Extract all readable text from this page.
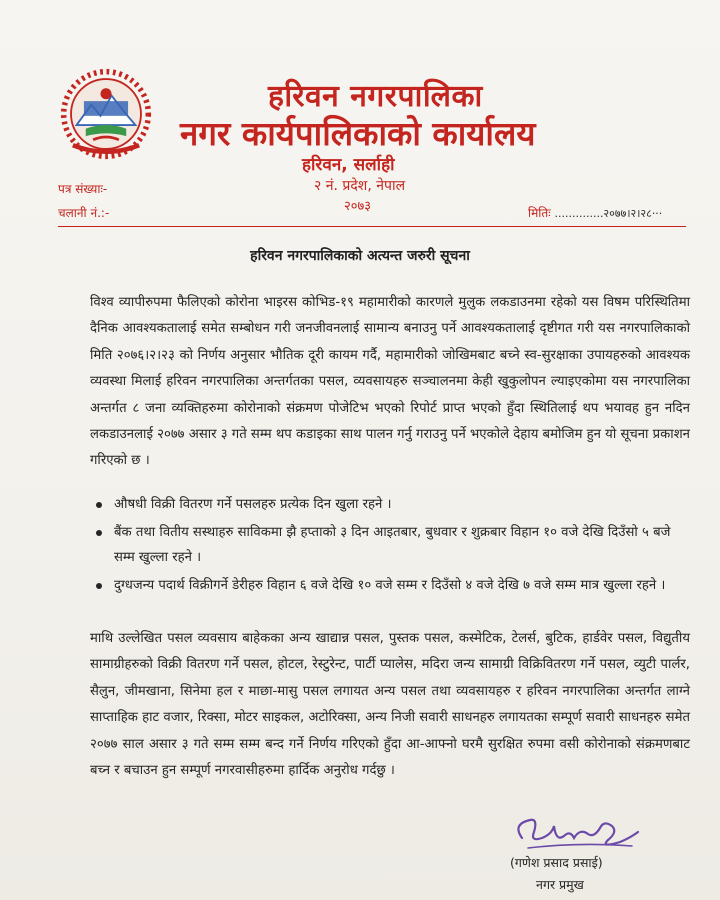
हरिवन नगरपालिका
नगर कार्यपालिकाको कार्यालय
हरिवन, सर्लाही
२ नं. प्रदेश, नेपाल
२०७३
पत्र संख्याः-
चलानी नं.:-	मितिः ..............२०७७।२।२८···
हरिवन नगरपालिकाको अत्यन्त जरुरी सूचना
विश्व व्यापीरुपमा फैलिएको कोरोना भाइरस कोभिड-१९ महामारीको कारणले मुलुक लकडाउनमा रहेको यस विषम परिस्थितिमा दैनिक आवश्यकतालाई समेत सम्बोधन गरी जनजीवनलाई सामान्य बनाउनु पर्ने आवश्यकतालाई दृष्टीगत गरी यस नगरपालिकाको मिति २०७६।२।२३ को निर्णय अनुसार भौतिक दूरी कायम गर्दै, महामारीको जोखिमबाट बच्ने स्व-सुरक्षाका उपायहरुको आवश्यक व्यवस्था मिलाई हरिवन नगरपालिका अन्तर्गतका पसल, व्यवसायहरु सञ्चालनमा केही खुकुलोपन ल्याइएकोमा यस नगरपालिका अन्तर्गत ८ जना व्यक्तिहरुमा कोरोनाको संक्रमण पोजेटिभ भएको रिपोर्ट प्राप्त भएको हुँदा स्थितिलाई थप भयावह हुन नदिन लकडाउनलाई २०७७ असार ३ गते सम्म थप कडाइका साथ पालन गर्नु गराउनु पर्ने भएकोले देहाय बमोजिम हुन यो सूचना प्रकाशन गरिएको छ ।
औषधी विक्री वितरण गर्ने पसलहरु प्रत्येक दिन खुला रहने ।
बैंक तथा वितीय सस्थाहरु साविकमा झै हप्ताको ३ दिन आइतबार, बुधवार र शुक्रबार विहान १० वजे देखि दिउँसो ५ बजे सम्म खुल्ला रहने ।
दुग्धजन्य पदार्थ विक्रीगर्ने डेरीहरु विहान ६ वजे देखि १० वजे सम्म र दिउँसो ४ वजे देखि ७ वजे सम्म मात्र खुल्ला रहने ।
माथि उल्लेखित पसल व्यवसाय बाहेकका अन्य खाद्यान्न पसल, पुस्तक पसल, कस्मेटिक, टेलर्स, बुटिक, हार्डवेर पसल, विद्युतीय सामाग्रीहरुको विक्री वितरण गर्ने पसल, होटल, रेस्टुरेन्ट, पार्टी प्यालेस, मदिरा जन्य सामाग्री विक्रिवितरण गर्ने पसल, व्युटी पार्लर, सैलुन, जीमखाना, सिनेमा हल र माछा-मासु पसल लगायत अन्य पसल तथा व्यवसायहरु र हरिवन नगरपालिका अन्तर्गत लाग्ने साप्ताहिक हाट वजार, रिक्सा, मोटर साइकल, अटोरिक्सा, अन्य निजी सवारी साधनहरु लगायतका सम्पूर्ण सवारी साधनहरु समेत २०७७ साल असार ३ गते सम्म सम्म बन्द गर्ने निर्णय गरिएको हुँदा आ-आफ्नो घरमै सुरक्षित रुपमा वसी कोरोनाको संक्रमणबाट बच्न र बचाउन हुन सम्पूर्ण नगरवासीहरुमा हार्दिक अनुरोध गर्दछु ।
(गणेश प्रसाद प्रसाई)
नगर प्रमुख
